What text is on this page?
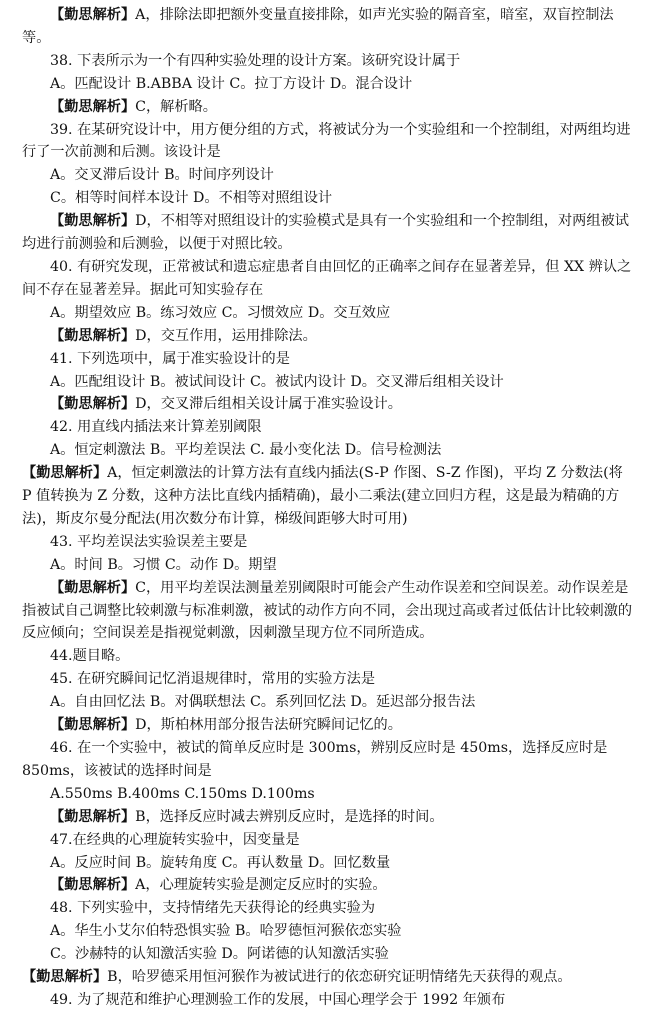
【勤思解析】A，排除法即把额外变量直接排除，如声光实验的隔音室，暗室，双盲控制法等。

38. 下表所示为一个有四种实验处理的设计方案。该研究设计属于

A。匹配设计 B.ABBA 设计 C。拉丁方设计 D。混合设计

【勤思解析】C，解析略。

39. 在某研究设计中，用方便分组的方式，将被试分为一个实验组和一个控制组，对两组均进行了一次前测和后测。该设计是

A。交叉滞后设计 B。时间序列设计

C。相等时间样本设计 D。不相等对照组设计

【勤思解析】D，不相等对照组设计的实验模式是具有一个实验组和一个控制组，对两组被试均进行前测验和后测验，以便于对照比较。

40. 有研究发现，正常被试和遗忘症患者自由回忆的正确率之间存在显著差异，但 XX 辨认之间不存在显著差异。据此可知实验存在

A。期望效应 B。练习效应 C。习惯效应 D。交互效应

【勤思解析】D，交互作用，运用排除法。

41. 下列选项中，属于准实验设计的是

A。匹配组设计 B。被试间设计 C。被试内设计 D。交叉滞后组相关设计

【勤思解析】D，交叉滞后组相关设计属于准实验设计。

42. 用直线内插法来计算差别阈限

A。恒定刺激法 B。平均差误法 C. 最小变化法 D。信号检测法

【勤思解析】A，恒定刺激法的计算方法有直线内插法(S-P 作图、S-Z 作图)，平均 Z 分数法(将 P 值转换为 Z 分数，这种方法比直线内插精确)，最小二乘法(建立回归方程，这是最为精确的方法)，斯皮尔曼分配法(用次数分布计算，梯级间距够大时可用)

43. 平均差误法实验误差主要是

A。时间 B。习惯 C。动作 D。期望

【勤思解析】C，用平均差误法测量差别阈限时可能会产生动作误差和空间误差。动作误差是指被试自己调整比较刺激与标准刺激，被试的动作方向不同，会出现过高或者过低估计比较刺激的反应倾向；空间误差是指视觉刺激，因刺激呈现方位不同所造成。

44.题目略。

45. 在研究瞬间记忆消退规律时，常用的实验方法是

A。自由回忆法 B。对偶联想法 C。系列回忆法 D。延迟部分报告法

【勤思解析】D，斯柏林用部分报告法研究瞬间记忆的。

46. 在一个实验中，被试的简单反应时是 300ms，辨别反应时是 450ms，选择反应时是 850ms，该被试的选择时间是

A.550ms B.400ms C.150ms D.100ms

【勤思解析】B，选择反应时减去辨别反应时，是选择的时间。

47.在经典的心理旋转实验中，因变量是

A。反应时间 B。旋转角度 C。再认数量 D。回忆数量

【勤思解析】A，心理旋转实验是测定反应时的实验。

48. 下列实验中，支持情绪先天获得论的经典实验为

A。华生小艾尔伯特恐惧实验 B。哈罗德恒河猴依恋实验

C。沙赫特的认知激活实验 D。阿诺德的认知激活实验

【勤思解析】B，哈罗德采用恒河猴作为被试进行的依恋研究证明情绪先天获得的观点。

49. 为了规范和维护心理测验工作的发展，中国心理学会于 1992 年颁布
